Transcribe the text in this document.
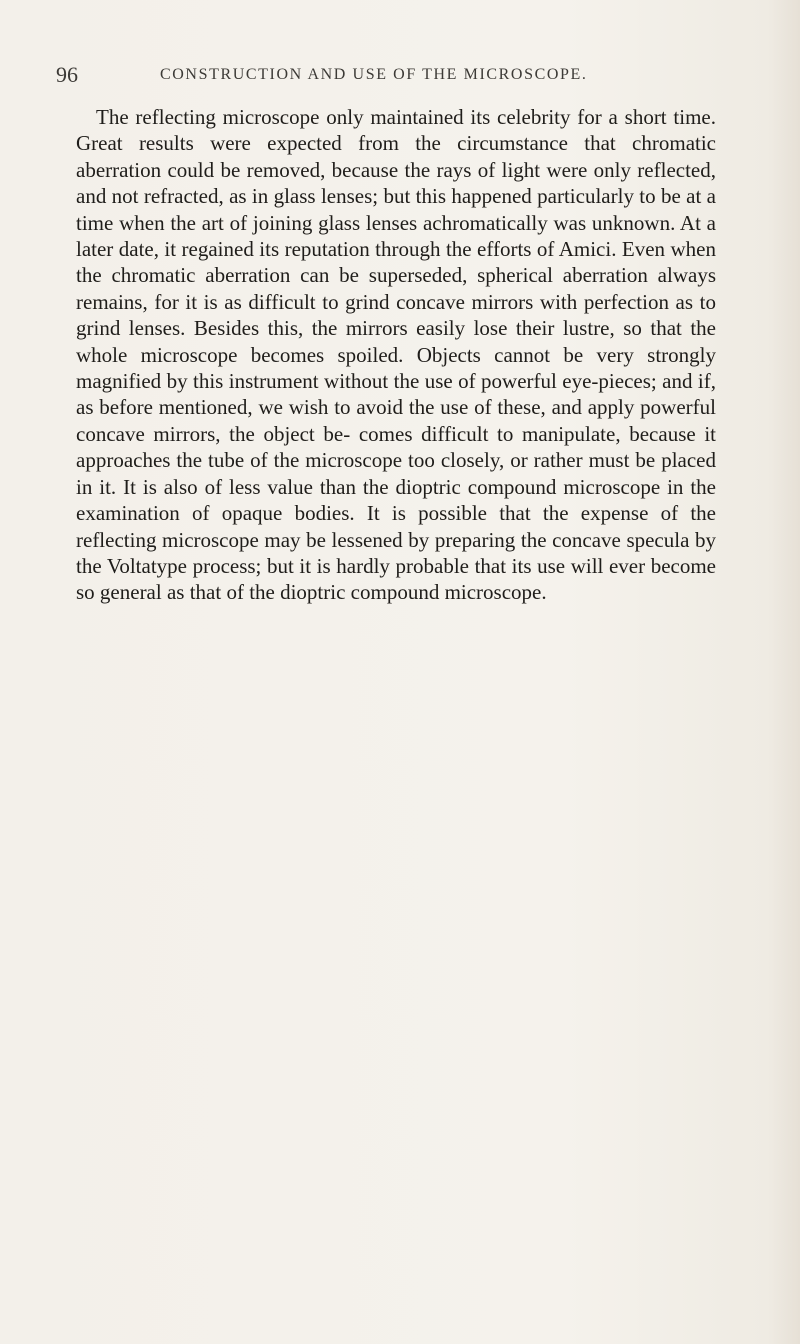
96	CONSTRUCTION AND USE OF THE MICROSCOPE.

The reflecting microscope only maintained its celebrity for a short time. Great results were expected from the circumstance that chromatic aberration could be removed, because the rays of light were only reflected, and not refracted, as in glass lenses; but this happened particularly to be at a time when the art of joining glass lenses achromatically was unknown. At a later date, it regained its reputation through the efforts of Amici. Even when the chromatic aberration can be superseded, spherical aberration always remains, for it is as difficult to grind concave mirrors with perfection as to grind lenses. Besides this, the mirrors easily lose their lustre, so that the whole microscope becomes spoiled. Objects cannot be very strongly magnified by this instrument without the use of powerful eye-pieces; and if, as before mentioned, we wish to avoid the use of these, and apply powerful concave mirrors, the object be- comes difficult to manipulate, because it approaches the tube of the microscope too closely, or rather must be placed in it. It is also of less value than the dioptric compound microscope in the examination of opaque bodies. It is possible that the expense of the reflecting microscope may be lessened by preparing the concave specula by the Voltatype process; but it is hardly probable that its use will ever become so general as that of the dioptric compound microscope.
